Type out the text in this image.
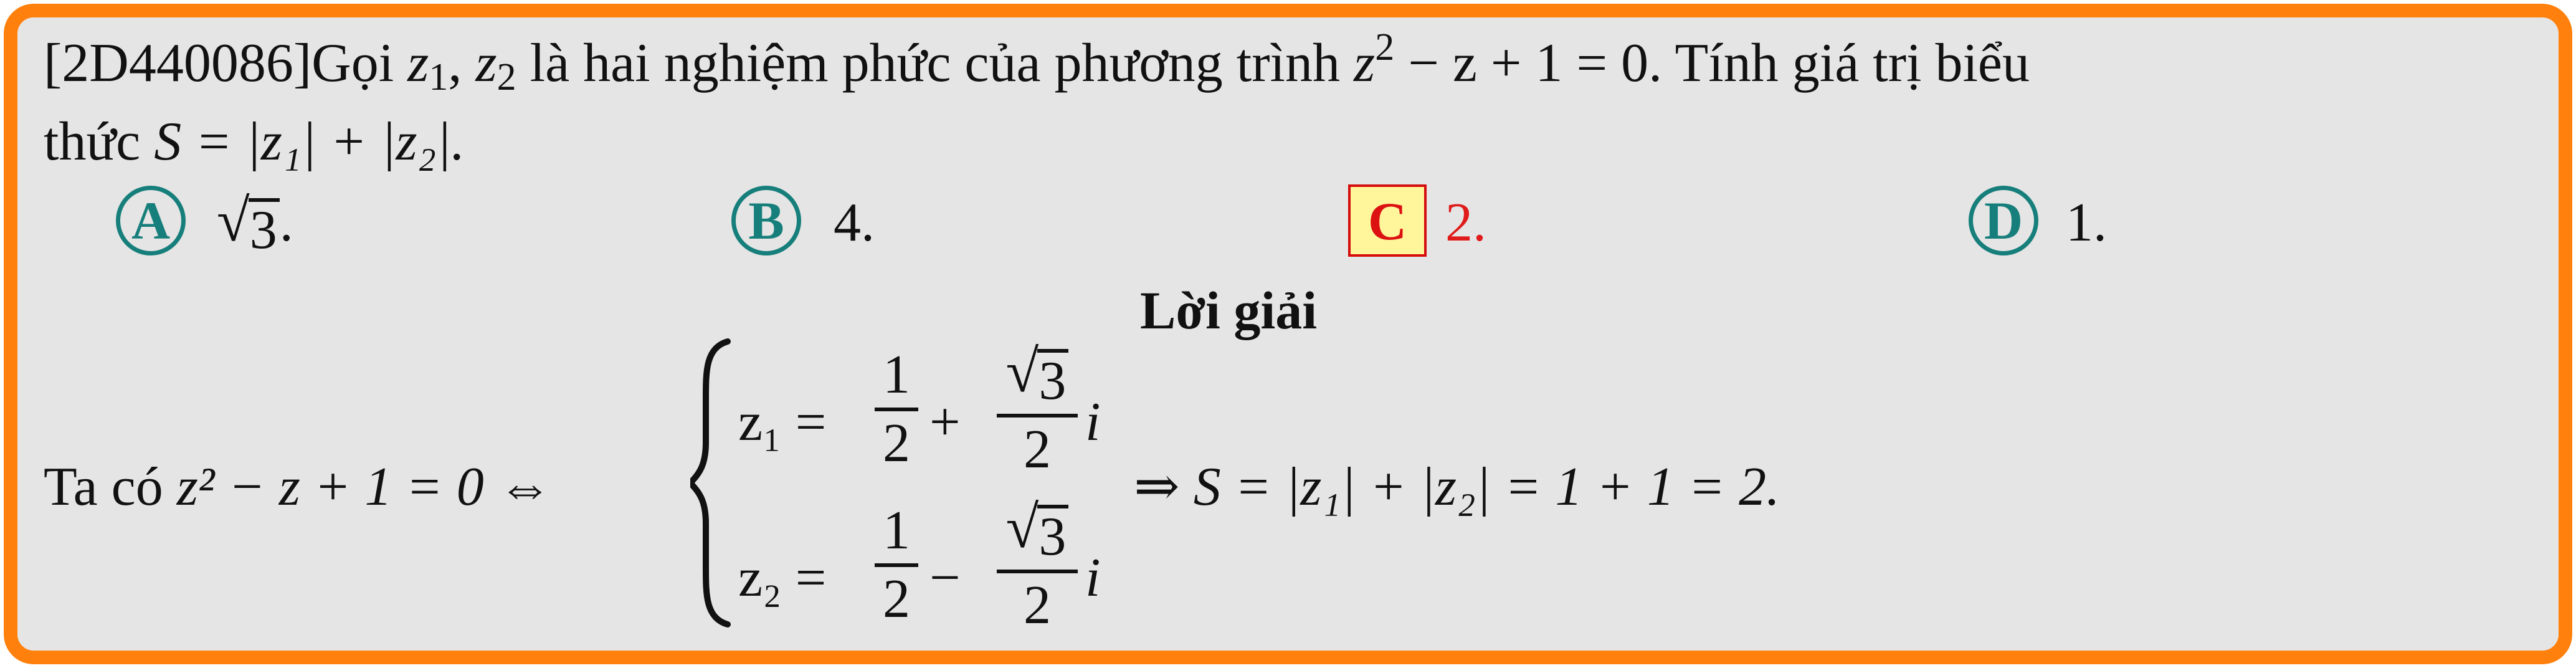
[2D440086]Gọi $z_1$, $z_2$ là hai nghiệm phức của phương trình $z^2 - z + 1 = 0$. Tính giá trị biểu
thức S = |z₁| + |z₂|.
A √ 3 .	B 4.	C 2.	D 1.
Lời giải
Ta có z² − z + 1 = 0 ⇔
z₁ =
1
2 +
√ 3
2 i
z₂ =
1
2 −
√ 3
2 i
⇒ S = |z₁| + |z₂| = 1 + 1 = 2.
